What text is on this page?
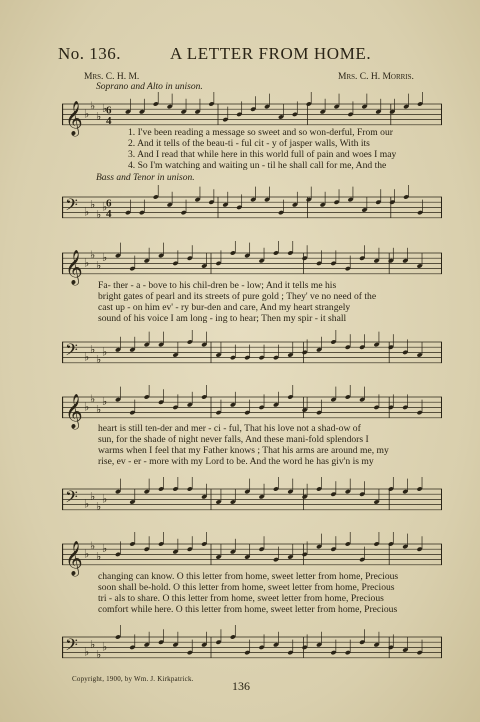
No. 136.	A LETTER FROM HOME.
Mrs. C. H. M.	Mrs. C. H. Morris.
Soprano and Alto in unison.
Bass and Tenor in unison.
𝄞 ♭
♭
♭
♭
6
4
1. I've been reading a message so sweet and so won-derful, From our
2. And it tells of the beau-ti - ful cit - y of jasper walls, With its
3. And I read that while here in this world full of pain and woes I may
4. So I'm watching and waiting un - til he shall call for me, And the
𝄢 ♭
♭
♭
♭
6
4
𝄞 ♭
♭
♭
♭
Fa- ther - a - bove to his chil-dren be - low; And it tells me his
bright gates of pearl and its streets of pure gold ; They' ve no need of the
cast up - on him ev' - ry bur-den and care, And my heart strangely
sound of his voice I am long - ing to hear; Then my spir - it shall
𝄢 ♭
♭
♭
♭
𝄞 ♭
♭
♭
♭
heart is still ten-der and mer - ci - ful, That his love not a shad-ow of
sun, for the shade of night never falls, And these mani-fold splendors I
warms when I feel that my Father knows ; That his arms are around me, my
rise, ev - er - more with my Lord to be. And the word he has giv'n is my
𝄢 ♭
♭
♭
♭
𝄞 ♭
♭
♭
♭
changing can know. O this letter from home, sweet letter from home, Precious
soon shall be-hold. O this letter from home, sweet letter from home, Precious
tri - als to share. O this letter from home, sweet letter from home, Precious
comfort while here. O this letter from home, sweet letter from home, Precious
𝄢 ♭
♭
♭
♭
Copyright, 1900, by Wm. J. Kirkpatrick.	136
